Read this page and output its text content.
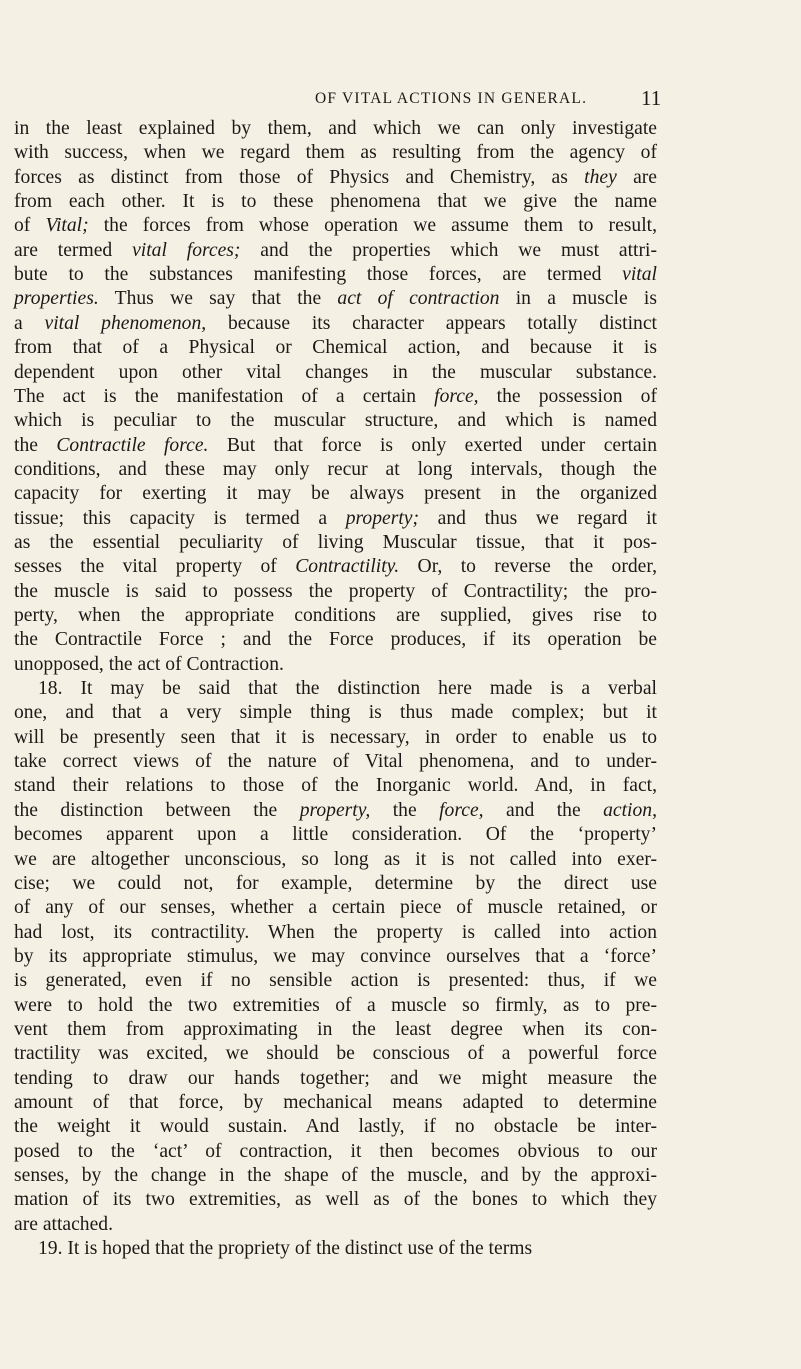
OF VITAL ACTIONS IN GENERAL.	11
in the least explained by them, and which we can only investigate
with success, when we regard them as resulting from the agency of
forces as distinct from those of Physics and Chemistry, as they are
from each other. It is to these phenomena that we give the name
of Vital; the forces from whose operation we assume them to result,
are termed vital forces; and the properties which we must attri-
bute to the substances manifesting those forces, are termed vital
properties. Thus we say that the act of contraction in a muscle is
a vital phenomenon, because its character appears totally distinct
from that of a Physical or Chemical action, and because it is
dependent upon other vital changes in the muscular substance.
The act is the manifestation of a certain force, the possession of
which is peculiar to the muscular structure, and which is named
the Contractile force. But that force is only exerted under certain
conditions, and these may only recur at long intervals, though the
capacity for exerting it may be always present in the organized
tissue; this capacity is termed a property; and thus we regard it
as the essential peculiarity of living Muscular tissue, that it pos-
sesses the vital property of Contractility. Or, to reverse the order,
the muscle is said to possess the property of Contractility; the pro-
perty, when the appropriate conditions are supplied, gives rise to
the Contractile Force ; and the Force produces, if its operation be
unopposed, the act of Contraction.
18. It may be said that the distinction here made is a verbal
one, and that a very simple thing is thus made complex; but it
will be presently seen that it is necessary, in order to enable us to
take correct views of the nature of Vital phenomena, and to under-
stand their relations to those of the Inorganic world. And, in fact,
the distinction between the property, the force, and the action,
becomes apparent upon a little consideration. Of the ‘property’
we are altogether unconscious, so long as it is not called into exer-
cise; we could not, for example, determine by the direct use
of any of our senses, whether a certain piece of muscle retained, or
had lost, its contractility. When the property is called into action
by its appropriate stimulus, we may convince ourselves that a ‘force’
is generated, even if no sensible action is presented: thus, if we
were to hold the two extremities of a muscle so firmly, as to pre-
vent them from approximating in the least degree when its con-
tractility was excited, we should be conscious of a powerful force
tending to draw our hands together; and we might measure the
amount of that force, by mechanical means adapted to determine
the weight it would sustain. And lastly, if no obstacle be inter-
posed to the ‘act’ of contraction, it then becomes obvious to our
senses, by the change in the shape of the muscle, and by the approxi-
mation of its two extremities, as well as of the bones to which they
are attached.
19. It is hoped that the propriety of the distinct use of the terms
